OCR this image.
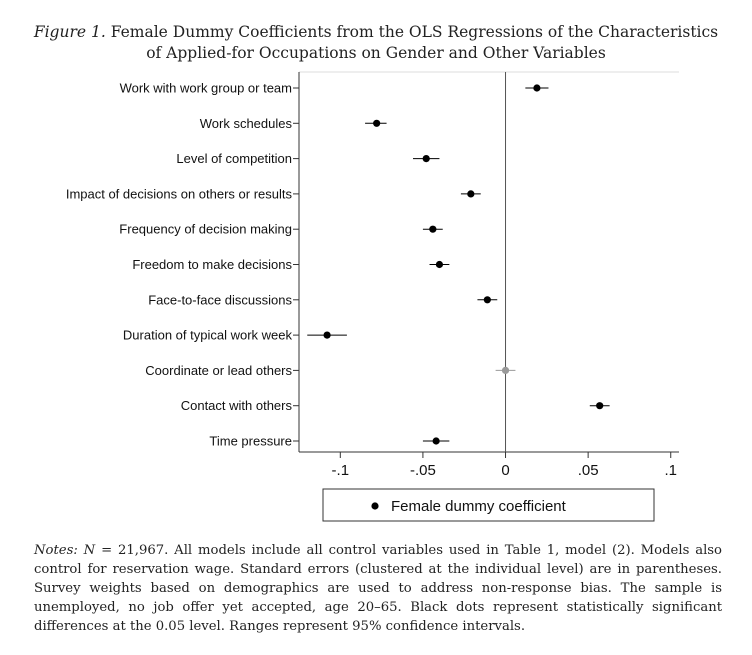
Figure 1. Female Dummy Coefficients from the OLS Regressions of the Characteristics
of Applied-for Occupations on Gender and Other Variables
-.1	-.05	0	.05	.1
Work with work group or team
Work schedules
Level of competition
Impact of decisions on others or results
Frequency of decision making
Freedom to make decisions
Face-to-face discussions
Duration of typical work week
Coordinate or lead others
Contact with others
Time pressure
Female dummy coefficient
Notes: N = 21,967. All models include all control variables used in Table 1, model (2). Models also control for reservation wage. Standard errors (clustered at the individual level) are in parentheses. Survey weights based on demographics are used to address non-response bias. The sample is unemployed, no job offer yet accepted, age 20–65. Black dots represent statistically significant differences at the 0.05 level. Ranges represent 95% confidence intervals.
